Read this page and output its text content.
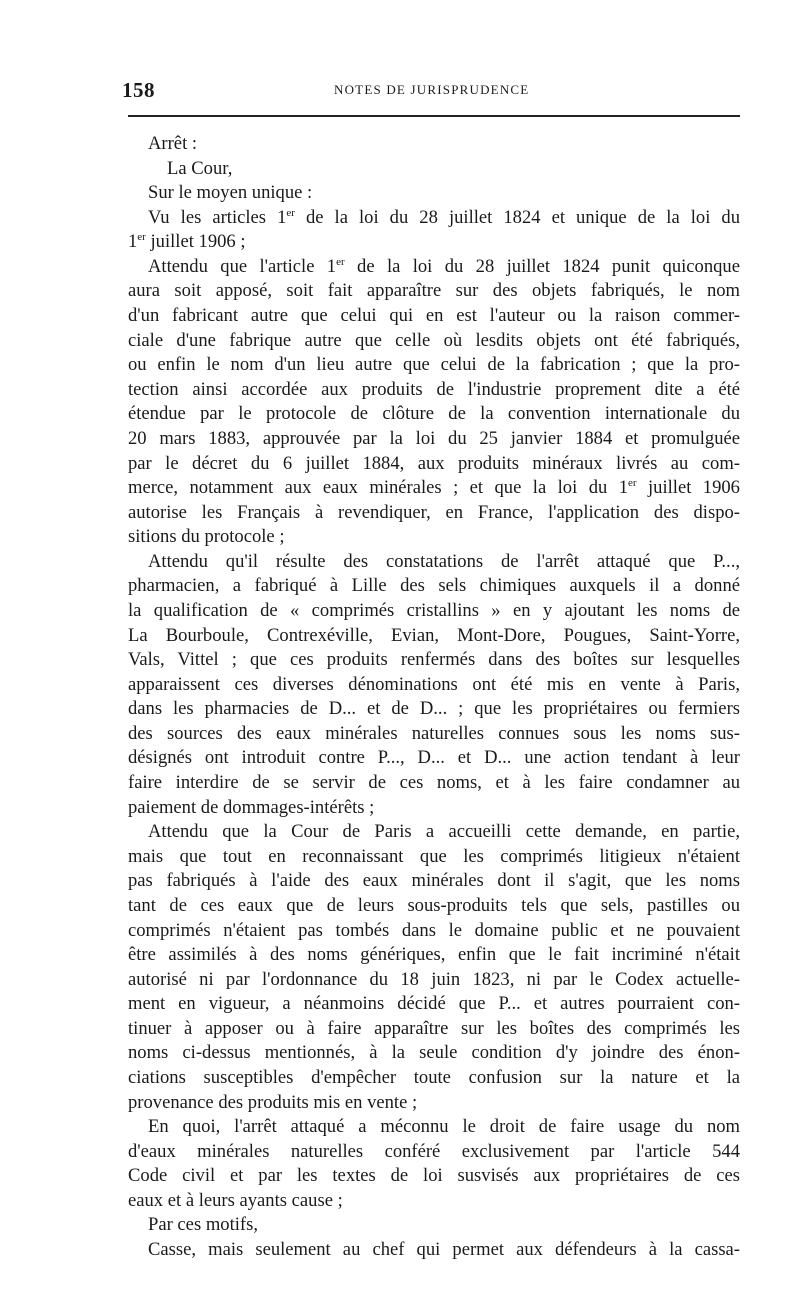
158	NOTES DE JURISPRUDENCE
Arrêt :
La Cour,
Sur le moyen unique :
Vu les articles 1er de la loi du 28 juillet 1824 et unique de la loi du
1er juillet 1906 ;
Attendu que l'article 1er de la loi du 28 juillet 1824 punit quiconque
aura soit apposé, soit fait apparaître sur des objets fabriqués, le nom
d'un fabricant autre que celui qui en est l'auteur ou la raison commer-
ciale d'une fabrique autre que celle où lesdits objets ont été fabriqués,
ou enfin le nom d'un lieu autre que celui de la fabrication ; que la pro-
tection ainsi accordée aux produits de l'industrie proprement dite a été
étendue par le protocole de clôture de la convention internationale du
20 mars 1883, approuvée par la loi du 25 janvier 1884 et promulguée
par le décret du 6 juillet 1884, aux produits minéraux livrés au com-
merce, notamment aux eaux minérales ; et que la loi du 1er juillet 1906
autorise les Français à revendiquer, en France, l'application des dispo-
sitions du protocole ;
Attendu qu'il résulte des constatations de l'arrêt attaqué que P...,
pharmacien, a fabriqué à Lille des sels chimiques auxquels il a donné
la qualification de « comprimés cristallins » en y ajoutant les noms de
La Bourboule, Contrexéville, Evian, Mont-Dore, Pougues, Saint-Yorre,
Vals, Vittel ; que ces produits renfermés dans des boîtes sur lesquelles
apparaissent ces diverses dénominations ont été mis en vente à Paris,
dans les pharmacies de D... et de D... ; que les propriétaires ou fermiers
des sources des eaux minérales naturelles connues sous les noms sus-
désignés ont introduit contre P..., D... et D... une action tendant à leur
faire interdire de se servir de ces noms, et à les faire condamner au
paiement de dommages-intérêts ;
Attendu que la Cour de Paris a accueilli cette demande, en partie,
mais que tout en reconnaissant que les comprimés litigieux n'étaient
pas fabriqués à l'aide des eaux minérales dont il s'agit, que les noms
tant de ces eaux que de leurs sous-produits tels que sels, pastilles ou
comprimés n'étaient pas tombés dans le domaine public et ne pouvaient
être assimilés à des noms génériques, enfin que le fait incriminé n'était
autorisé ni par l'ordonnance du 18 juin 1823, ni par le Codex actuelle-
ment en vigueur, a néanmoins décidé que P... et autres pourraient con-
tinuer à apposer ou à faire apparaître sur les boîtes des comprimés les
noms ci-dessus mentionnés, à la seule condition d'y joindre des énon-
ciations susceptibles d'empêcher toute confusion sur la nature et la
provenance des produits mis en vente ;
En quoi, l'arrêt attaqué a méconnu le droit de faire usage du nom
d'eaux minérales naturelles conféré exclusivement par l'article 544
Code civil et par les textes de loi susvisés aux propriétaires de ces
eaux et à leurs ayants cause ;
Par ces motifs,
Casse, mais seulement au chef qui permet aux défendeurs à la cassa-
